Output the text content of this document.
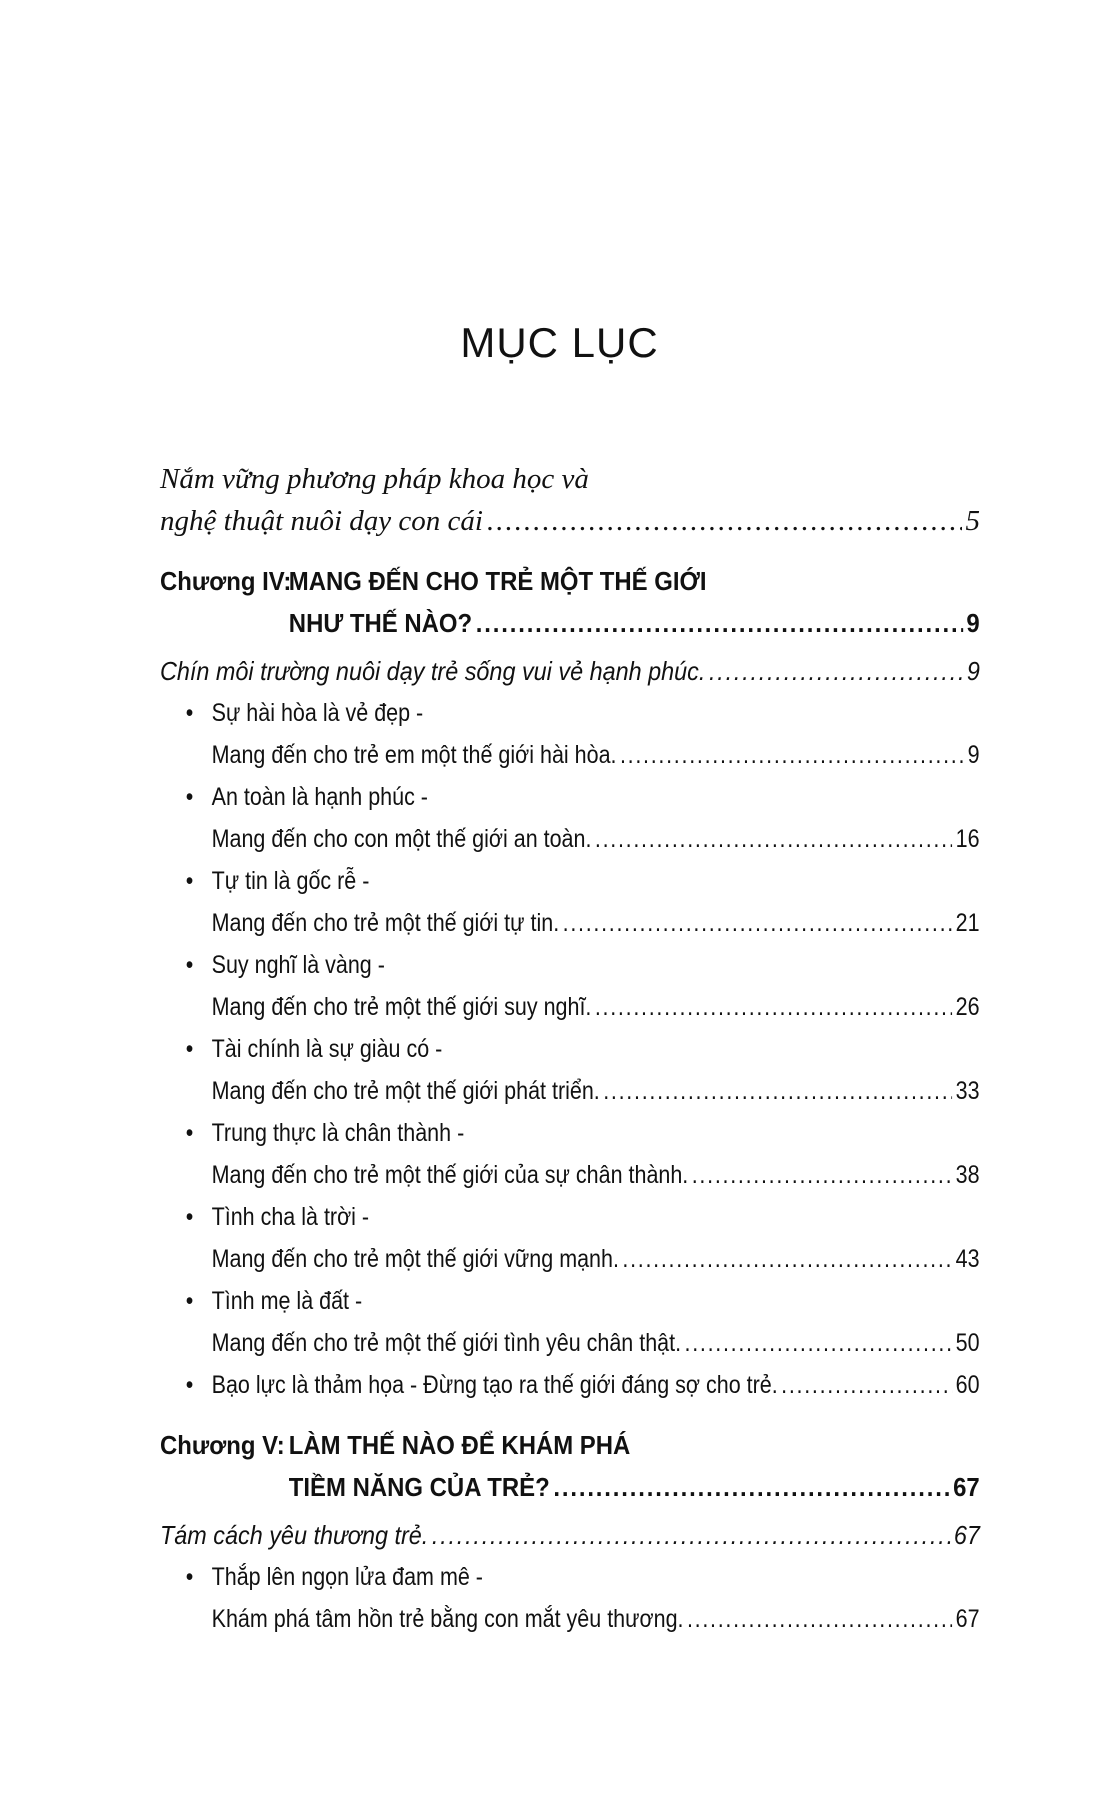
MỤC LỤC
Nắm vững phương pháp khoa học và
nghệ thuật nuôi dạy con cái .....	5
Chương IV:MANG ĐẾN CHO TRẺ MỘT THẾ GIỚI
NHƯ THẾ NÀO? .....	9
Chín môi trường nuôi dạy trẻ sống vui vẻ hạnh phúc. .....	9
• Sự hài hòa là vẻ đẹp -
Mang đến cho trẻ em một thế giới hài hòa. .....	9
• An toàn là hạnh phúc -
Mang đến cho con một thế giới an toàn. .....	16
• Tự tin là gốc rễ -
Mang đến cho trẻ một thế giới tự tin. .....	21
• Suy nghĩ là vàng -
Mang đến cho trẻ một thế giới suy nghĩ. .....	26
• Tài chính là sự giàu có -
Mang đến cho trẻ một thế giới phát triển. .....	33
• Trung thực là chân thành -
Mang đến cho trẻ một thế giới của sự chân thành. .....	38
• Tình cha là trời -
Mang đến cho trẻ một thế giới vững mạnh. .....	43
• Tình mẹ là đất -
Mang đến cho trẻ một thế giới tình yêu chân thật. .....	50
• Bạo lực là thảm họa - Đừng tạo ra thế giới đáng sợ cho trẻ. .....	60
Chương V: LÀM THẾ NÀO ĐỂ KHÁM PHÁ
TIỀM NĂNG CỦA TRẺ? .....	67
Tám cách yêu thương trẻ. .....	67
• Thắp lên ngọn lửa đam mê -
Khám phá tâm hồn trẻ bằng con mắt yêu thương. .....	67
